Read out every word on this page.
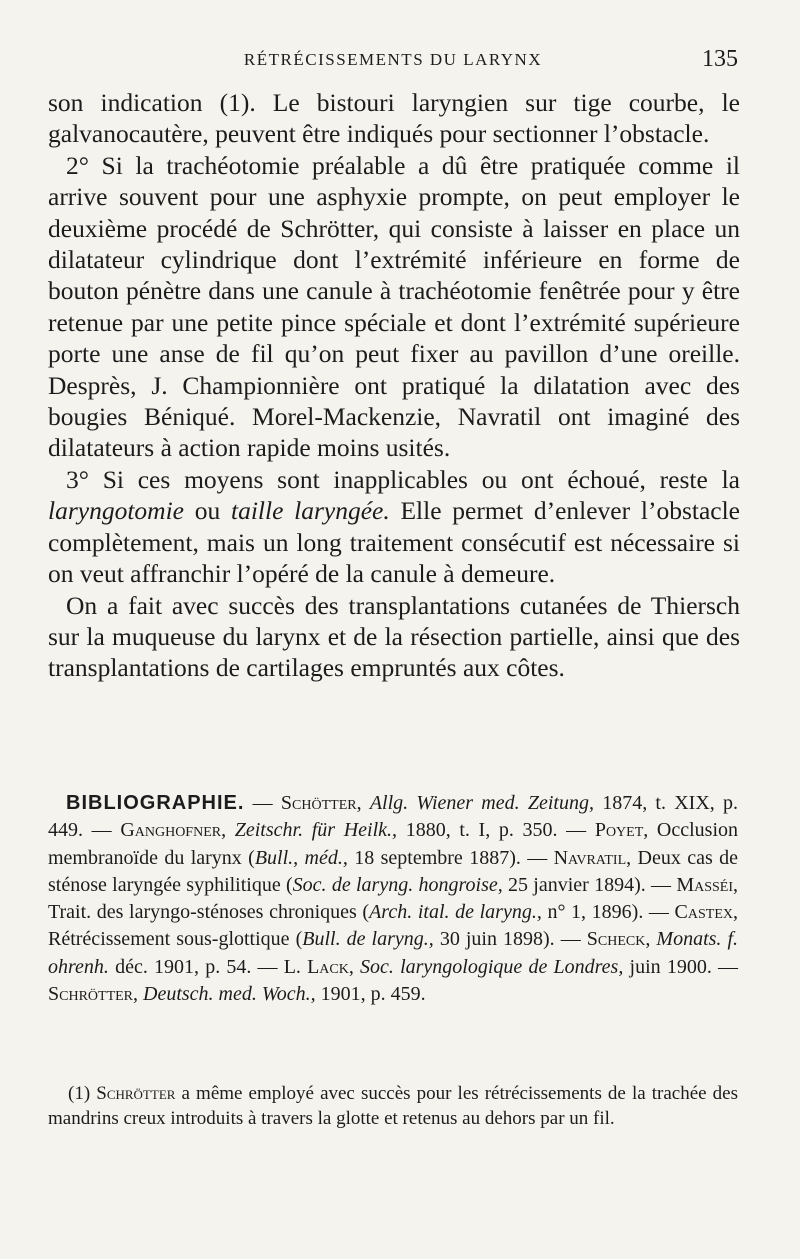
RÉTRÉCISSEMENTS DU LARYNX	135

son indication (1). Le bistouri laryngien sur tige courbe, le galvanocautère, peuvent être indiqués pour sectionner l’obstacle.

2° Si la trachéotomie préalable a dû être pratiquée comme il arrive souvent pour une asphyxie prompte, on peut employer le deuxième procédé de Schrötter, qui consiste à laisser en place un dilatateur cylindrique dont l’extrémité inférieure en forme de bouton pénètre dans une canule à trachéotomie fenêtrée pour y être retenue par une petite pince spéciale et dont l’extrémité supérieure porte une anse de fil qu’on peut fixer au pavillon d’une oreille. Desprès, J. Championnière ont pratiqué la dilatation avec des bougies Béniqué. Morel-Mackenzie, Navratil ont imaginé des dilatateurs à action rapide moins usités.

3° Si ces moyens sont inapplicables ou ont échoué, reste la laryngotomie ou taille laryngée. Elle permet d’enlever l’obstacle complètement, mais un long traitement consécutif est nécessaire si on veut affranchir l’opéré de la canule à demeure.

On a fait avec succès des transplantations cutanées de Thiersch sur la muqueuse du larynx et de la résection partielle, ainsi que des transplantations de cartilages empruntés aux côtes.

BIBLIOGRAPHIE. — Schötter, Allg. Wiener med. Zeitung, 1874, t. XIX, p. 449. — Ganghofner, Zeitschr. für Heilk., 1880, t. I, p. 350. — Poyet, Occlusion membranoïde du larynx (Bull., méd., 18 septembre 1887). — Navratil, Deux cas de sténose laryngée syphilitique (Soc. de laryng. hongroise, 25 janvier 1894). — Masséi, Trait. des laryngo-sténoses chroniques (Arch. ital. de laryng., n° 1, 1896). — Castex, Rétrécissement sous-glottique (Bull. de laryng., 30 juin 1898). — Scheck, Monats. f. ohrenh. déc. 1901, p. 54. — L. Lack, Soc. laryngologique de Londres, juin 1900. — Schrötter, Deutsch. med. Woch., 1901, p. 459.

(1) Schrötter a même employé avec succès pour les rétrécissements de la trachée des mandrins creux introduits à travers la glotte et retenus au dehors par un fil.
